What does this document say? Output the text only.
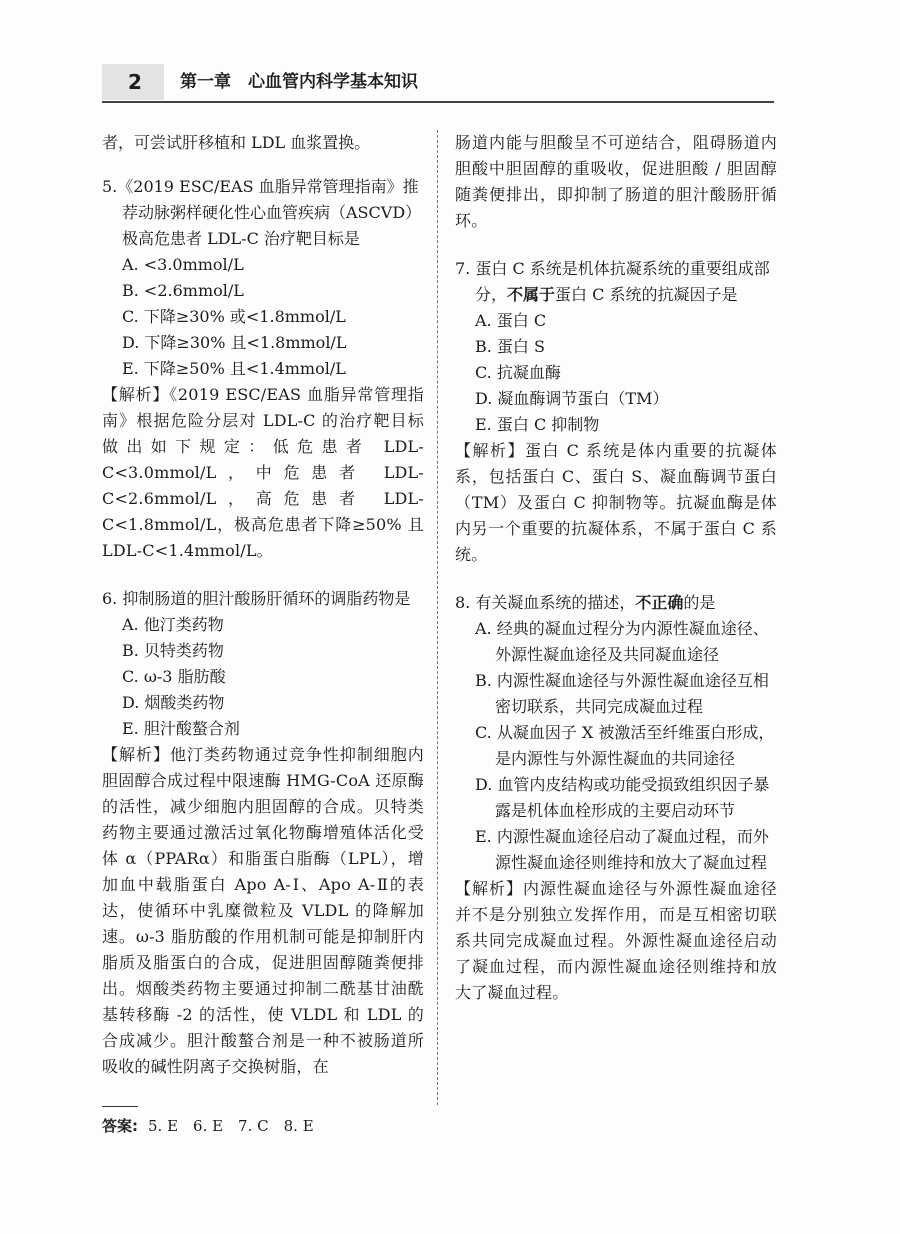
2	第一章　心血管内科学基本知识

者，可尝试肝移植和 LDL 血浆置换。

5.《2019 ESC/EAS 血脂异常管理指南》推荐动脉粥样硬化性心血管疾病（ASCVD）极高危患者 LDL-C 治疗靶目标是

A. <3.0mmol/L

B. <2.6mmol/L

C. 下降≥30% 或<1.8mmol/L

D. 下降≥30% 且<1.8mmol/L

E. 下降≥50% 且<1.4mmol/L

【解析】《2019 ESC/EAS 血脂异常管理指南》根据危险分层对 LDL-C 的治疗靶目标做出如下规定：低危患者 LDL-C<3.0mmol/L，中危患者 LDL-C<2.6mmol/L，高危患者 LDL-C<1.8mmol/L，极高危患者下降≥50% 且 LDL-C<1.4mmol/L。

6. 抑制肠道的胆汁酸肠肝循环的调脂药物是

A. 他汀类药物

B. 贝特类药物

C. ω-3 脂肪酸

D. 烟酸类药物

E. 胆汁酸螯合剂

【解析】他汀类药物通过竞争性抑制细胞内胆固醇合成过程中限速酶 HMG-CoA 还原酶的活性，减少细胞内胆固醇的合成。贝特类药物主要通过激活过氧化物酶增殖体活化受体 α（PPARα）和脂蛋白脂酶（LPL），增加血中载脂蛋白 Apo A-Ⅰ、Apo A-Ⅱ的表达，使循环中乳糜微粒及 VLDL 的降解加速。ω-3 脂肪酸的作用机制可能是抑制肝内脂质及脂蛋白的合成，促进胆固醇随粪便排出。烟酸类药物主要通过抑制二酰基甘油酰基转移酶 -2 的活性，使 VLDL 和 LDL 的合成减少。胆汁酸螯合剂是一种不被肠道所吸收的碱性阴离子交换树脂，在

肠道内能与胆酸呈不可逆结合，阻碍肠道内胆酸中胆固醇的重吸收，促进胆酸 / 胆固醇随粪便排出，即抑制了肠道的胆汁酸肠肝循环。

7. 蛋白 C 系统是机体抗凝系统的重要组成部分，不属于蛋白 C 系统的抗凝因子是

A. 蛋白 C

B. 蛋白 S

C. 抗凝血酶

D. 凝血酶调节蛋白（TM）

E. 蛋白 C 抑制物

【解析】蛋白 C 系统是体内重要的抗凝体系，包括蛋白 C、蛋白 S、凝血酶调节蛋白（TM）及蛋白 C 抑制物等。抗凝血酶是体内另一个重要的抗凝体系，不属于蛋白 C 系统。

8. 有关凝血系统的描述，不正确的是

A. 经典的凝血过程分为内源性凝血途径、外源性凝血途径及共同凝血途径

B. 内源性凝血途径与外源性凝血途径互相密切联系，共同完成凝血过程

C. 从凝血因子 X 被激活至纤维蛋白形成，是内源性与外源性凝血的共同途径

D. 血管内皮结构或功能受损致组织因子暴露是机体血栓形成的主要启动环节

E. 内源性凝血途径启动了凝血过程，而外源性凝血途径则维持和放大了凝血过程

【解析】内源性凝血途径与外源性凝血途径并不是分别独立发挥作用，而是互相密切联系共同完成凝血过程。外源性凝血途径启动了凝血过程，而内源性凝血途径则维持和放大了凝血过程。

答案: 5. E　6. E　7. C　8. E
